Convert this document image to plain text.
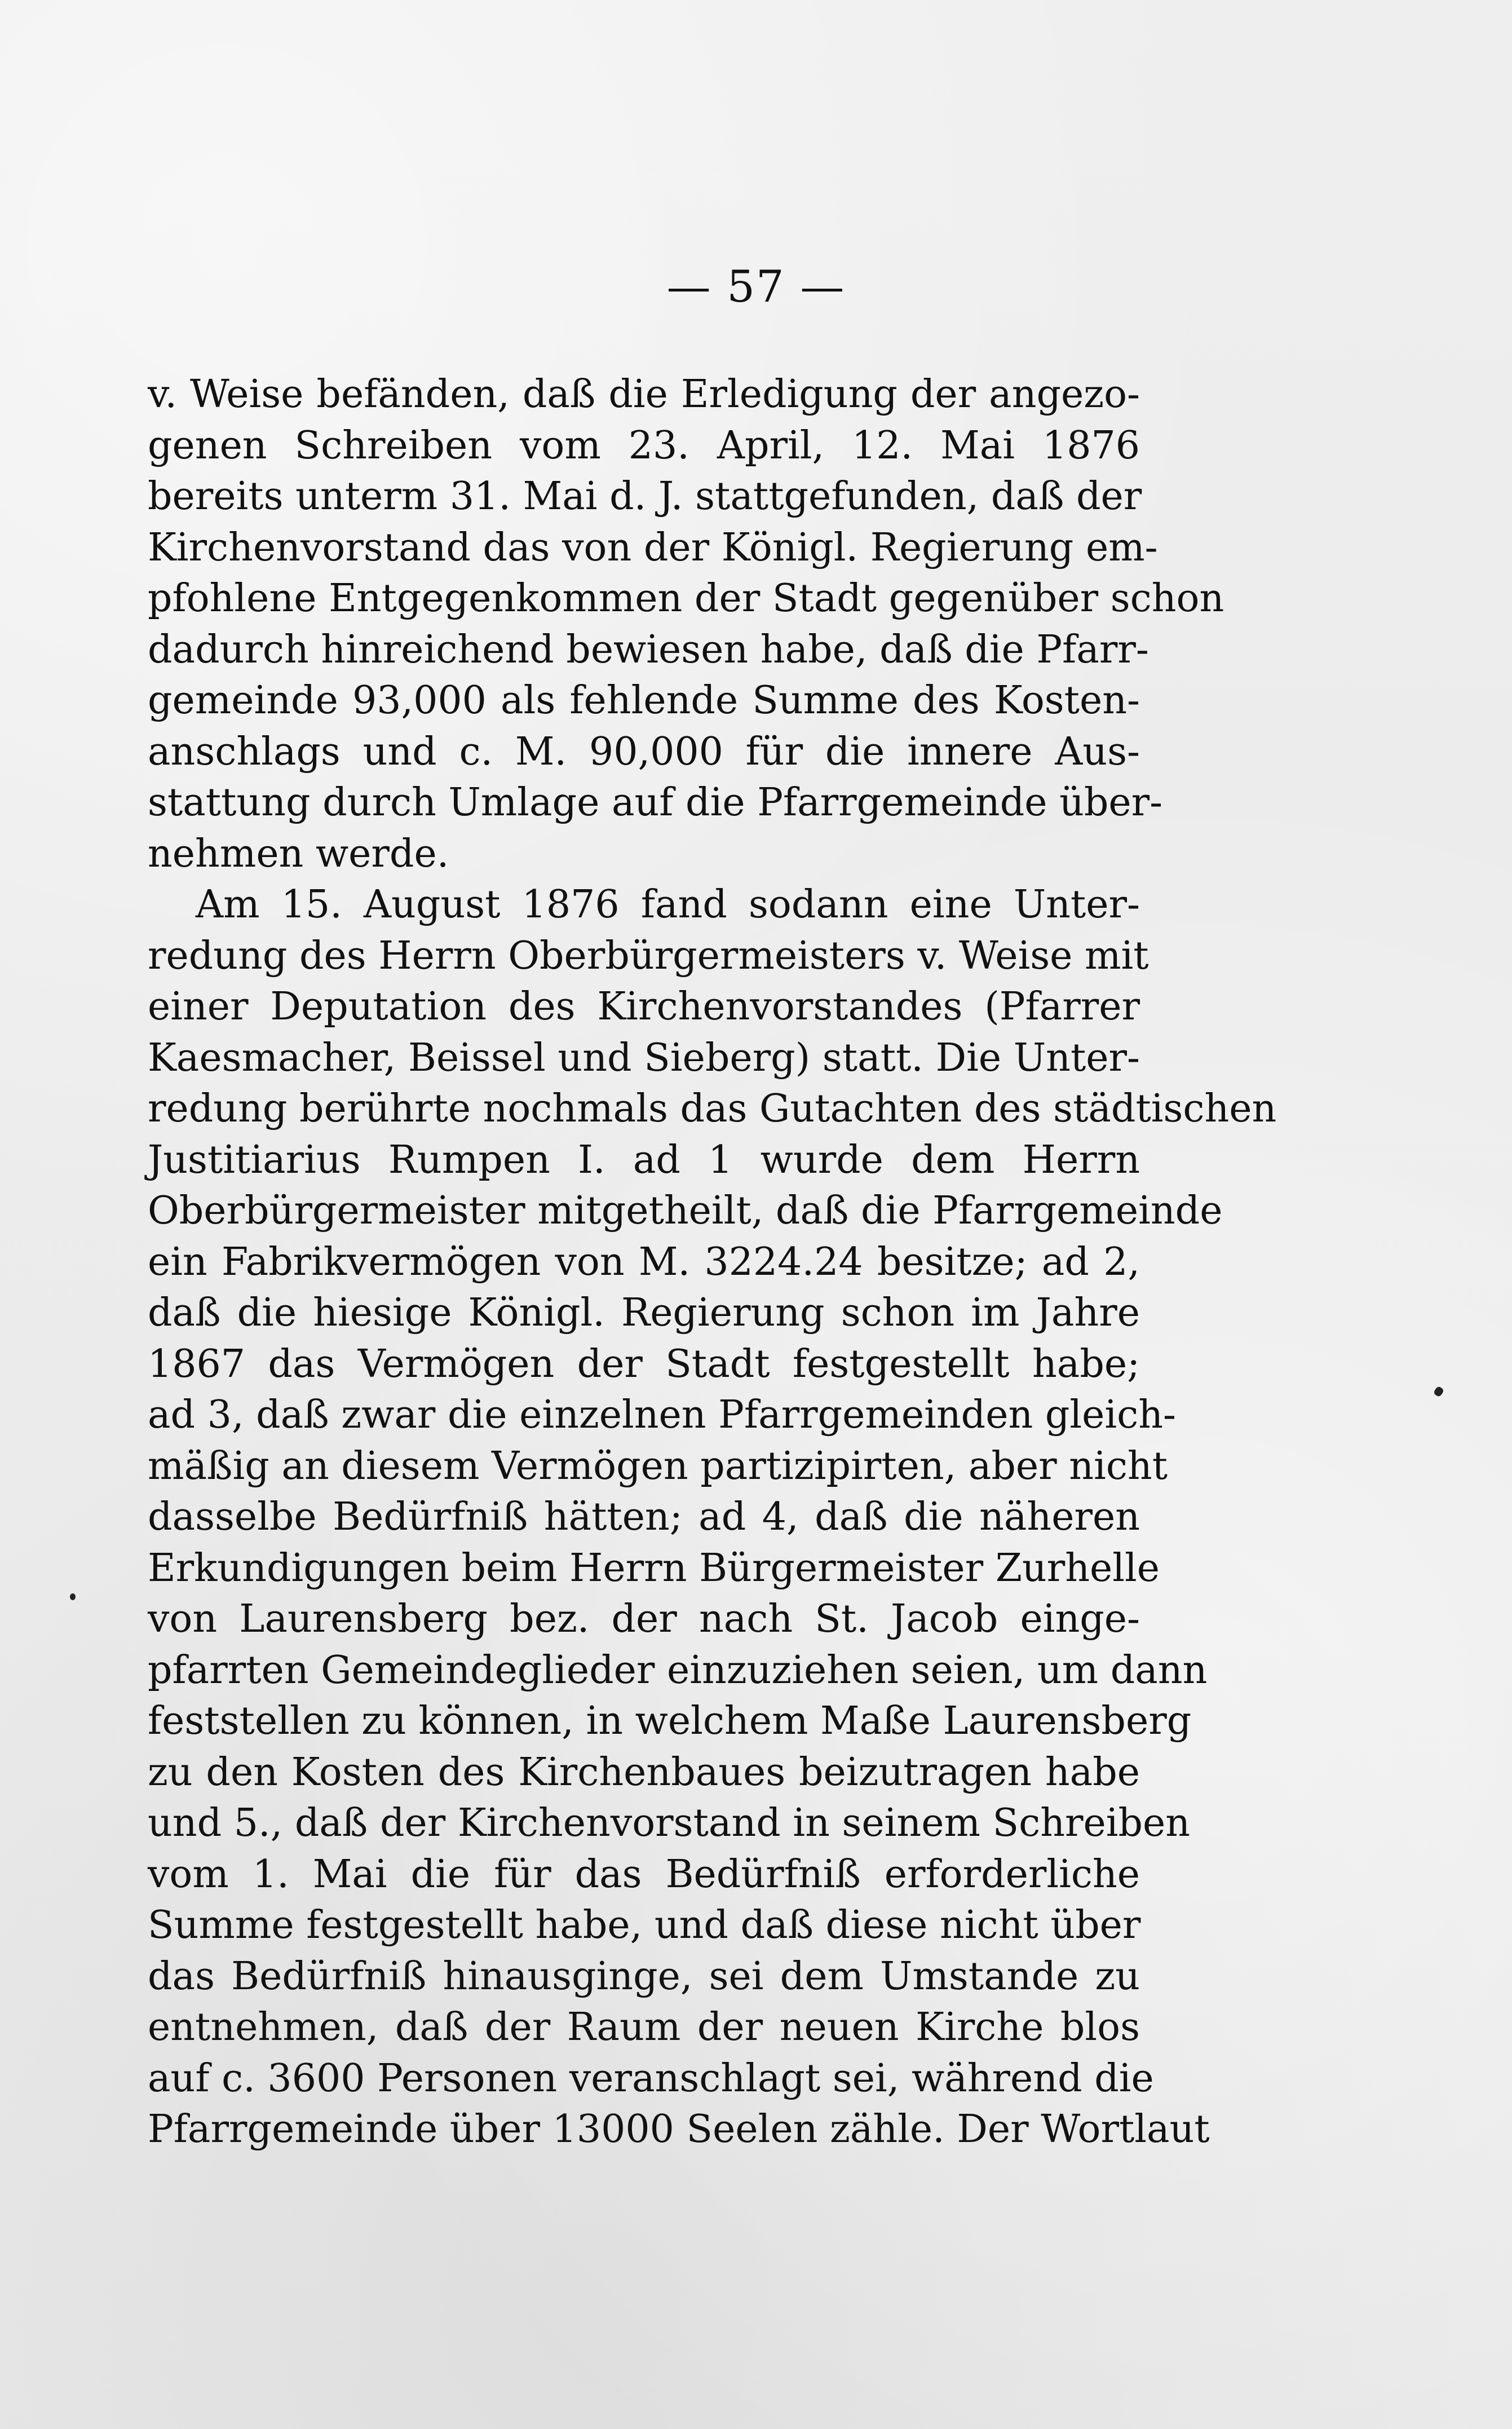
— 57 —
v. Weise befänden, daß die Erledigung der angezo-
genen Schreiben vom 23. April, 12. Mai 1876
bereits unterm 31. Mai d. J. stattgefunden, daß der
Kirchenvorstand das von der Königl. Regierung em-
pfohlene Entgegenkommen der Stadt gegenüber schon
dadurch hinreichend bewiesen habe, daß die Pfarr-
gemeinde 93,000 als fehlende Summe des Kosten-
anschlags und c. M. 90,000 für die innere Aus-
stattung durch Umlage auf die Pfarrgemeinde über-
nehmen werde.
Am 15. August 1876 fand sodann eine Unter-
redung des Herrn Oberbürgermeisters v. Weise mit
einer Deputation des Kirchenvorstandes (Pfarrer
Kaesmacher, Beissel und Sieberg) statt. Die Unter-
redung berührte nochmals das Gutachten des städtischen
Justitiarius Rumpen I. ad 1 wurde dem Herrn
Oberbürgermeister mitgetheilt, daß die Pfarrgemeinde
ein Fabrikvermögen von M. 3224.24 besitze; ad 2,
daß die hiesige Königl. Regierung schon im Jahre
1867 das Vermögen der Stadt festgestellt habe;
ad 3, daß zwar die einzelnen Pfarrgemeinden gleich-
mäßig an diesem Vermögen partizipirten, aber nicht
dasselbe Bedürfniß hätten; ad 4, daß die näheren
Erkundigungen beim Herrn Bürgermeister Zurhelle
von Laurensberg bez. der nach St. Jacob einge-
pfarrten Gemeindeglieder einzuziehen seien, um dann
feststellen zu können, in welchem Maße Laurensberg
zu den Kosten des Kirchenbaues beizutragen habe
und 5., daß der Kirchenvorstand in seinem Schreiben
vom 1. Mai die für das Bedürfniß erforderliche
Summe festgestellt habe, und daß diese nicht über
das Bedürfniß hinausginge, sei dem Umstande zu
entnehmen, daß der Raum der neuen Kirche blos
auf c. 3600 Personen veranschlagt sei, während die
Pfarrgemeinde über 13000 Seelen zähle. Der Wortlaut
